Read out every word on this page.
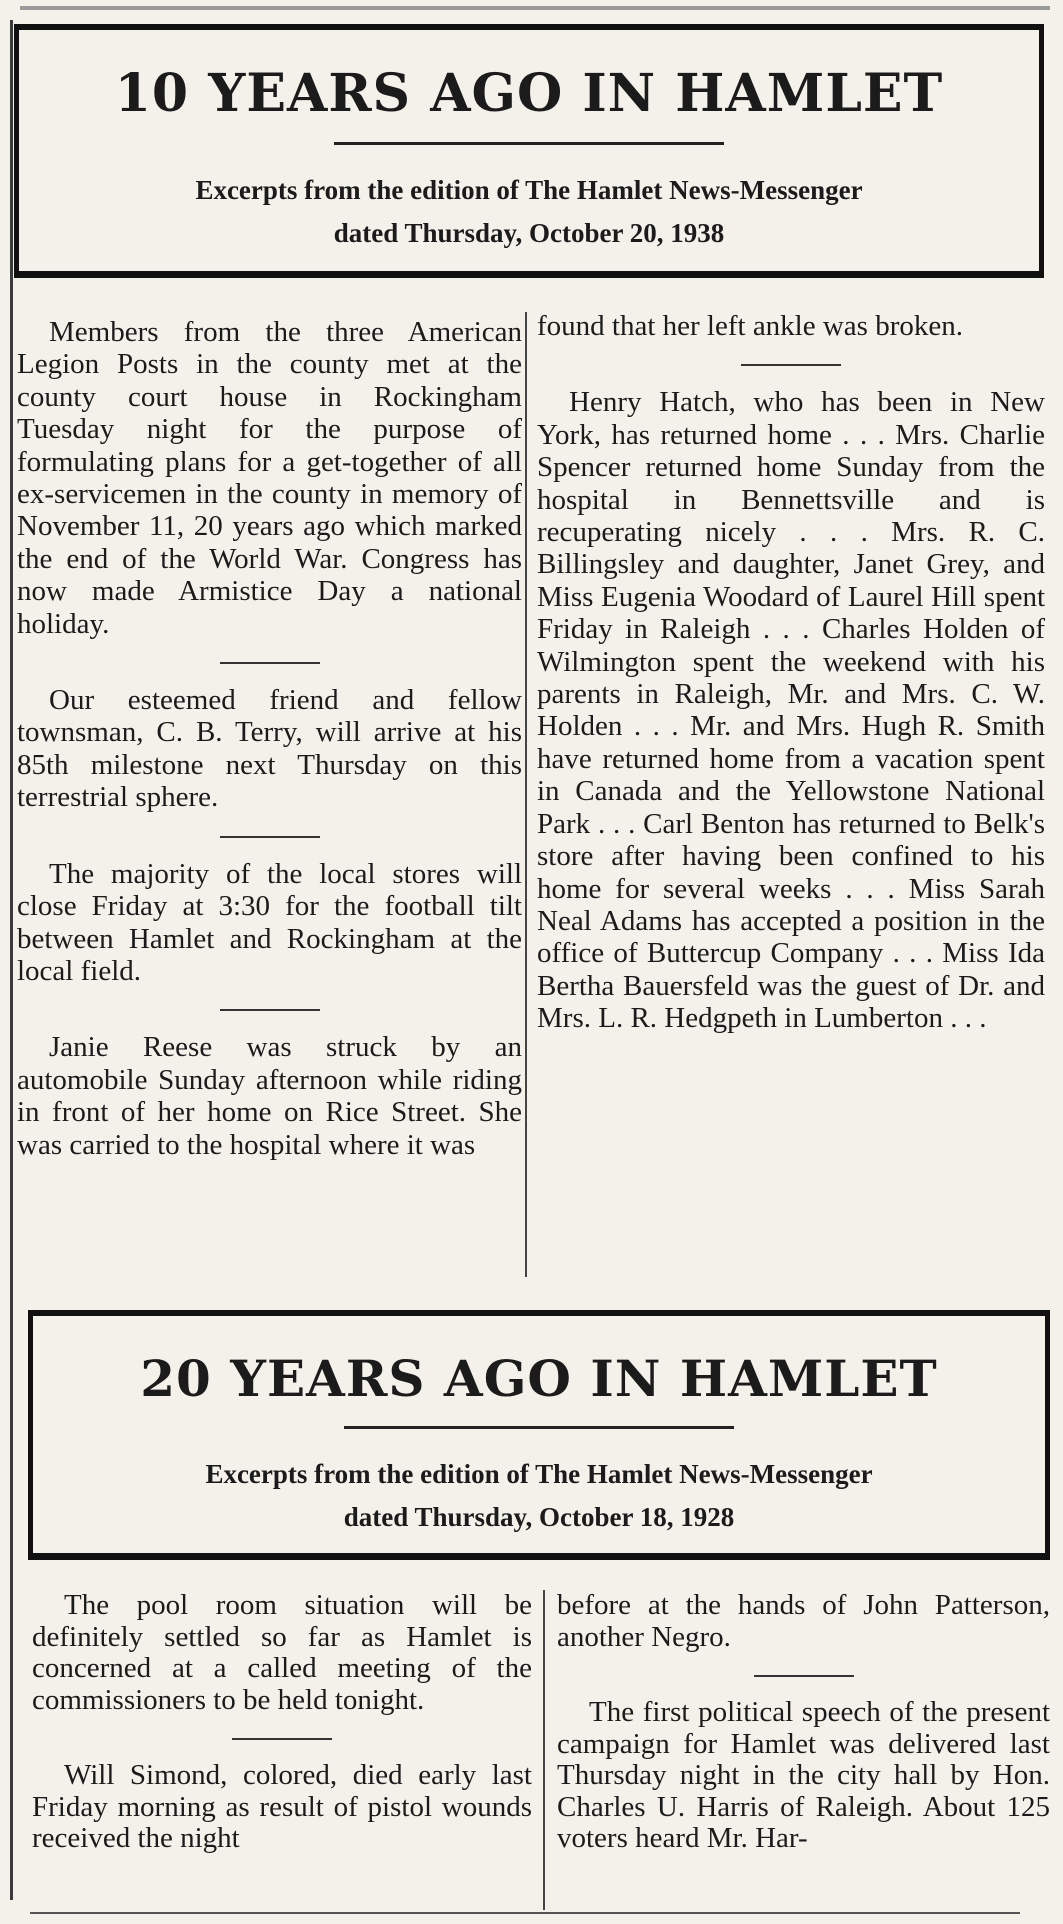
10 YEARS AGO IN HAMLET

Excerpts from the edition of The Hamlet News-Messenger

dated Thursday, October 20, 1938

Members from the three American Legion Posts in the county met at the county court house in Rockingham Tuesday night for the purpose of formulating plans for a get-together of all ex-servicemen in the county in memory of November 11, 20 years ago which marked the end of the World War. Congress has now made Armistice Day a national holiday.

Our esteemed friend and fellow townsman, C. B. Terry, will arrive at his 85th milestone next Thursday on this terrestrial sphere.

The majority of the local stores will close Friday at 3:30 for the football tilt between Hamlet and Rockingham at the local field.

Janie Reese was struck by an automobile Sunday afternoon while riding in front of her home on Rice Street. She was carried to the hospital where it was

found that her left ankle was broken.

Henry Hatch, who has been in New York, has returned home . . . Mrs. Charlie Spencer returned home Sunday from the hospital in Bennettsville and is recuperating nicely . . . Mrs. R. C. Billingsley and daughter, Janet Grey, and Miss Eugenia Woodard of Laurel Hill spent Friday in Raleigh . . . Charles Holden of Wilmington spent the weekend with his parents in Raleigh, Mr. and Mrs. C. W. Holden . . . Mr. and Mrs. Hugh R. Smith have returned home from a vacation spent in Canada and the Yellowstone National Park . . . Carl Benton has returned to Belk's store after having been confined to his home for several weeks . . . Miss Sarah Neal Adams has accepted a position in the office of Buttercup Company . . . Miss Ida Bertha Bauersfeld was the guest of Dr. and Mrs. L. R. Hedgpeth in Lumberton . . .

20 YEARS AGO IN HAMLET

Excerpts from the edition of The Hamlet News-Messenger

dated Thursday, October 18, 1928

The pool room situation will be definitely settled so far as Hamlet is concerned at a called meeting of the commissioners to be held tonight.

Will Simond, colored, died early last Friday morning as result of pistol wounds received the night

before at the hands of John Patterson, another Negro.

The first political speech of the present campaign for Hamlet was delivered last Thursday night in the city hall by Hon. Charles U. Harris of Raleigh. About 125 voters heard Mr. Har-
